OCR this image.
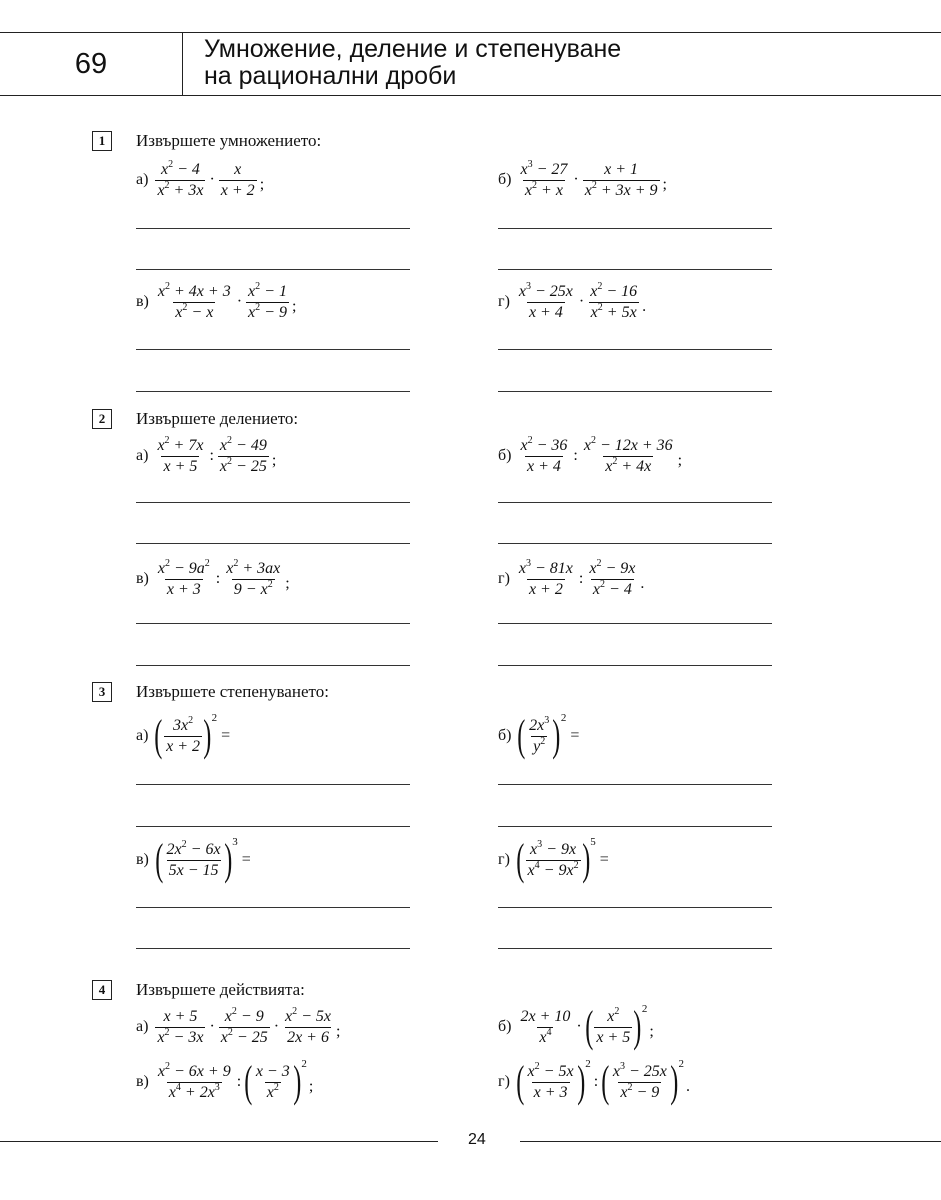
69	Умножение, деление и степенуване
на рационални дроби
1	Извършете умножението:
а)
$x^2 - 4$
$x^2 + 3x$
·
x
x + 2 ;	б)
$x^3 - 27$
$x^2 + x$
·
x + 1
$x^2 + 3x + 9$ ;
в)
$x^2 + 4x + 3$
$x^2 - x$
·
$x^2 - 1$
$x^2 - 9$ ;	г)
$x^3 - 25x$
x + 4
·
$x^2 - 16$
$x^2 + 5x$ .
2	Извършете делението:
а)
$x^2 + 7x$
x + 5
:
$x^2 - 49$
$x^2 - 25$ ;	б)
$x^2 - 36$
x + 4
:
$x^2 - 12x + 36$
$x^2 + 4x$ ;
в)
$x^2 - 9a^2$
x + 3
:
$x^2 + 3ax$
$9 - x^2$ ;	г)
$x^3 - 81x$
x + 2
:
$x^2 - 9x$
$x^2 - 4$ .
3	Извършете степенуването:
а) ( $3x^2$
x + 2 ) 2
=	б) ( $2x^3$
$y^2$ ) 2
=
в) ( $2x^2 - 6x$
5x − 15 ) 3
=	г) ( $x^3 - 9x$
$x^4 - 9x^2$ ) 5
=
4	Извършете действията:
а)
x + 5
$x^2 - 3x$
·
$x^2 - 9$
$x^2 - 25$
·
$x^2 - 5x$
2x + 6 ;	б)
2x + 10
$x^4$ · ( $x^2$
x + 5 ) 2
;
в)
$x^2 - 6x + 9$
$x^4 + 2x^3$ : ( x − 3
$x^2$ ) 2
;	г) ( $x^2 - 5x$
x + 3 ) 2
: ( $x^3 - 25x$
$x^2 - 9$ ) 2
.
24
